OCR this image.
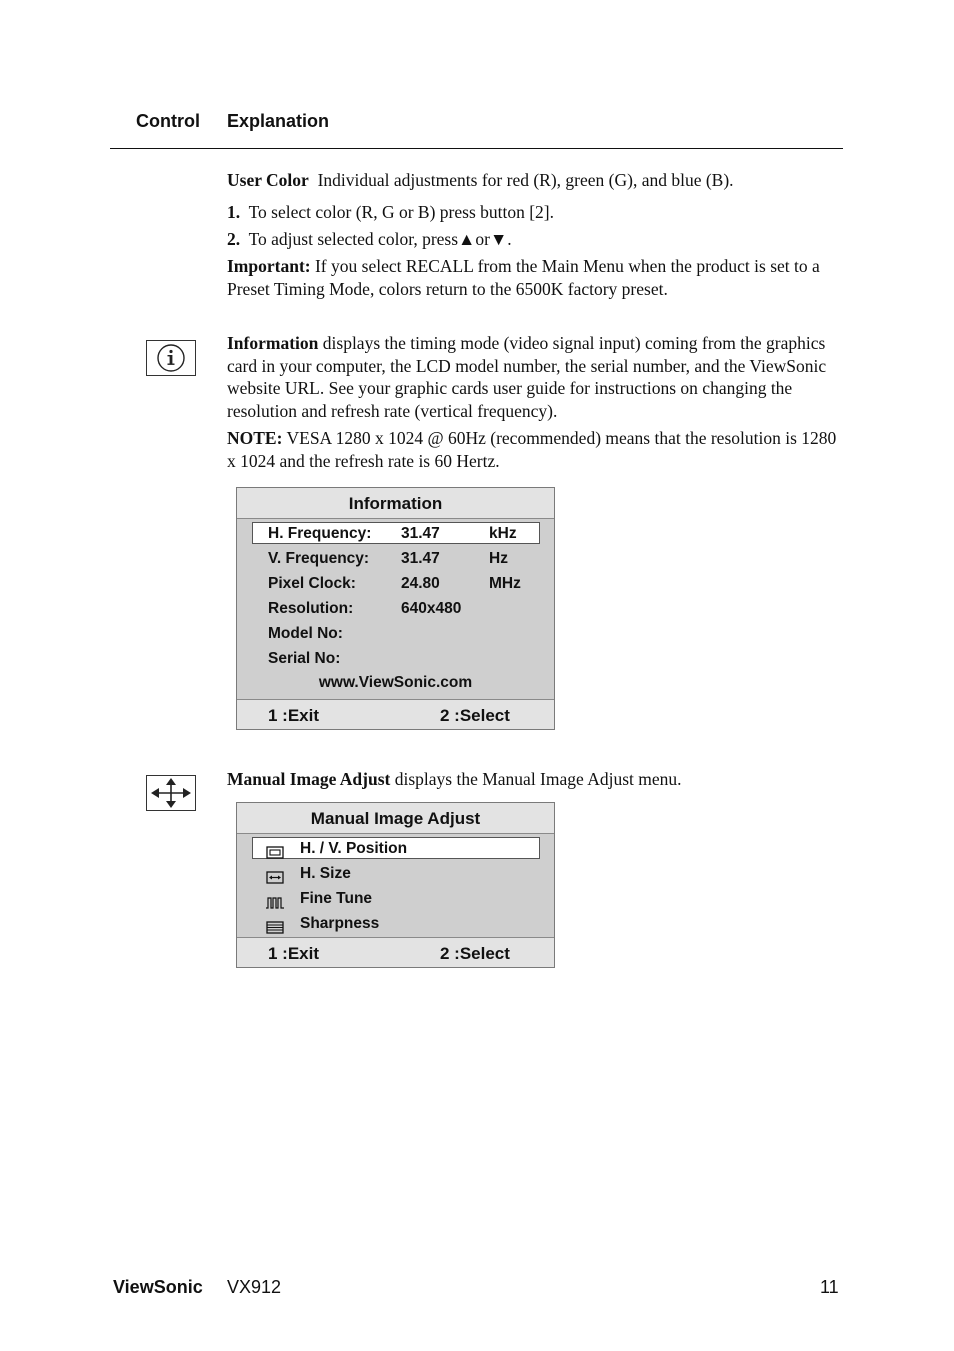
Control Explanation
User Color Individual adjustments for red (R), green (G), and blue (B).
1. To select color (R, G or B) press button [2].
2. To adjust selected color, press▲or▼.
Important: If you select RECALL from the Main Menu when the product is set to a Preset Timing Mode, colors return to the 6500K factory preset.
Information displays the timing mode (video signal input) coming from the graphics card in your computer, the LCD model number, the serial number, and the ViewSonic website URL. See your graphic cards user guide for instructions on changing the resolution and refresh rate (vertical frequency).
NOTE: VESA 1280 x 1024 @ 60Hz (recommended) means that the resolution is 1280 x 1024 and the refresh rate is 60 Hertz.
Information
H. Frequency: 31.47	kHz
V. Frequency: 31.47	Hz
Pixel Clock:	24.80	MHz
Resolution:	640x480
Model No:
Serial No:
www.ViewSonic.com
1 :Exit	2 :Select
Manual Image Adjust displays the Manual Image Adjust menu.
Manual Image Adjust
H. / V. Position
H. Size
Fine Tune
Sharpness
1 :Exit	2 :Select
ViewSonic VX912	11
